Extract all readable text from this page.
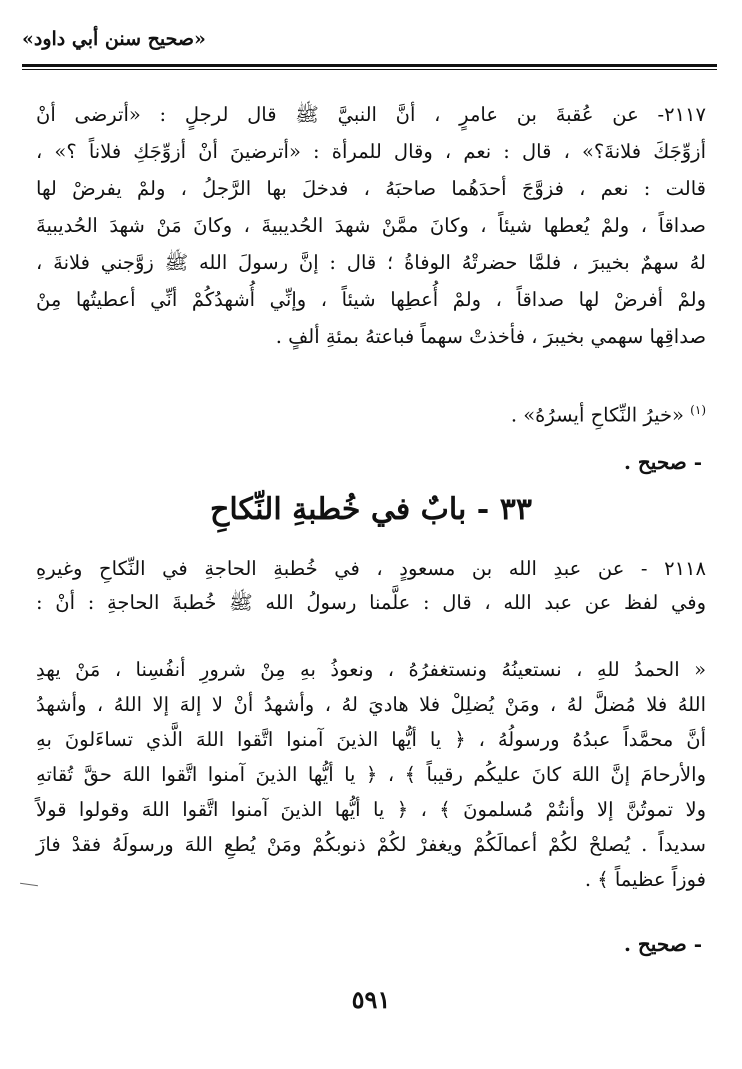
«صحيح سنن أبي داود»
٢١١٧- عن عُقبةَ بن عامرٍ ، أنَّ النبيَّ ﷺ قال لرجلٍ : «أترضى أنْ
أزوِّجَكَ فلانةَ؟» ، قال : نعم ، وقال للمرأة : «أترضينَ أنْ أزوِّجَكِ فلاناً ؟» ،
قالت : نعم ، فزوَّجَ أحدَهُما صاحبَهُ ، فدخلَ بها الرَّجلُ ، ولمْ يفرضْ لها
صداقاً ، ولمْ يُعطها شيئاً ، وكانَ ممَّنْ شهدَ الحُديبيةَ ، وكانَ مَنْ شهدَ الحُديبيةَ
لهُ سهمٌ بخيبرَ ، فلمَّا حضرتْهُ الوفاةُ ؛ قال : إنَّ رسولَ الله ﷺ زوَّجني فلانةَ ،
ولمْ أفرضْ لها صداقاً ، ولمْ أُعطِها شيئاً ، وإنِّي أُشهدُكُمْ أنِّي أعطيتُها مِنْ
صداقِها سهمي بخيبرَ ، فأخذتْ سهماً فباعتهُ بمئةِ ألفٍ .
$^{(١)}$ «خيرُ النِّكاحِ أيسرُهُ» .
- صحيح .
٣٣ - بابٌ في خُطبةِ النِّكاحِ
٢١١٨ - عن عبدِ الله بن مسعودٍ ، في خُطبةِ الحاجةِ في النِّكاحِ وغيرهِ
وفي لفظ عن عبد الله ، قال : علَّمنا رسولُ الله ﷺ خُطبةَ الحاجةِ : أنْ :
« الحمدُ للهِ ، نستعينُهُ ونستغفرُهُ ، ونعوذُ بهِ مِنْ شرورِ أنفُسِنا ، مَنْ يهدِ
اللهُ فلا مُضلَّ لهُ ، ومَنْ يُضلِلْ فلا هاديَ لهُ ، وأشهدُ أنْ لا إلهَ إلا اللهُ ، وأشهدُ
أنَّ محمَّداً عبدُهُ ورسولُهُ ، ﴿ يا أيُّها الذينَ آمنوا اتَّقوا اللهَ الَّذي تساءَلونَ بهِ
والأرحامَ إنَّ اللهَ كانَ عليكُم رقيباً ﴾ ، ﴿ يا أيُّها الذينَ آمنوا اتَّقوا اللهَ حقَّ تُقاتهِ
ولا تموتُنَّ إلا وأنتُمْ مُسلمونَ ﴾ ، ﴿ يا أيُّها الذينَ آمنوا اتَّقوا اللهَ وقولوا قولاً
سديداً . يُصلحْ لكُمْ أعمالَكُمْ ويغفرْ لكُمْ ذنوبكُمْ ومَنْ يُطعِ اللهَ ورسولَهُ فقدْ فازَ
فوزاً عظيماً ﴾ .
- صحيح .
٥٩١
